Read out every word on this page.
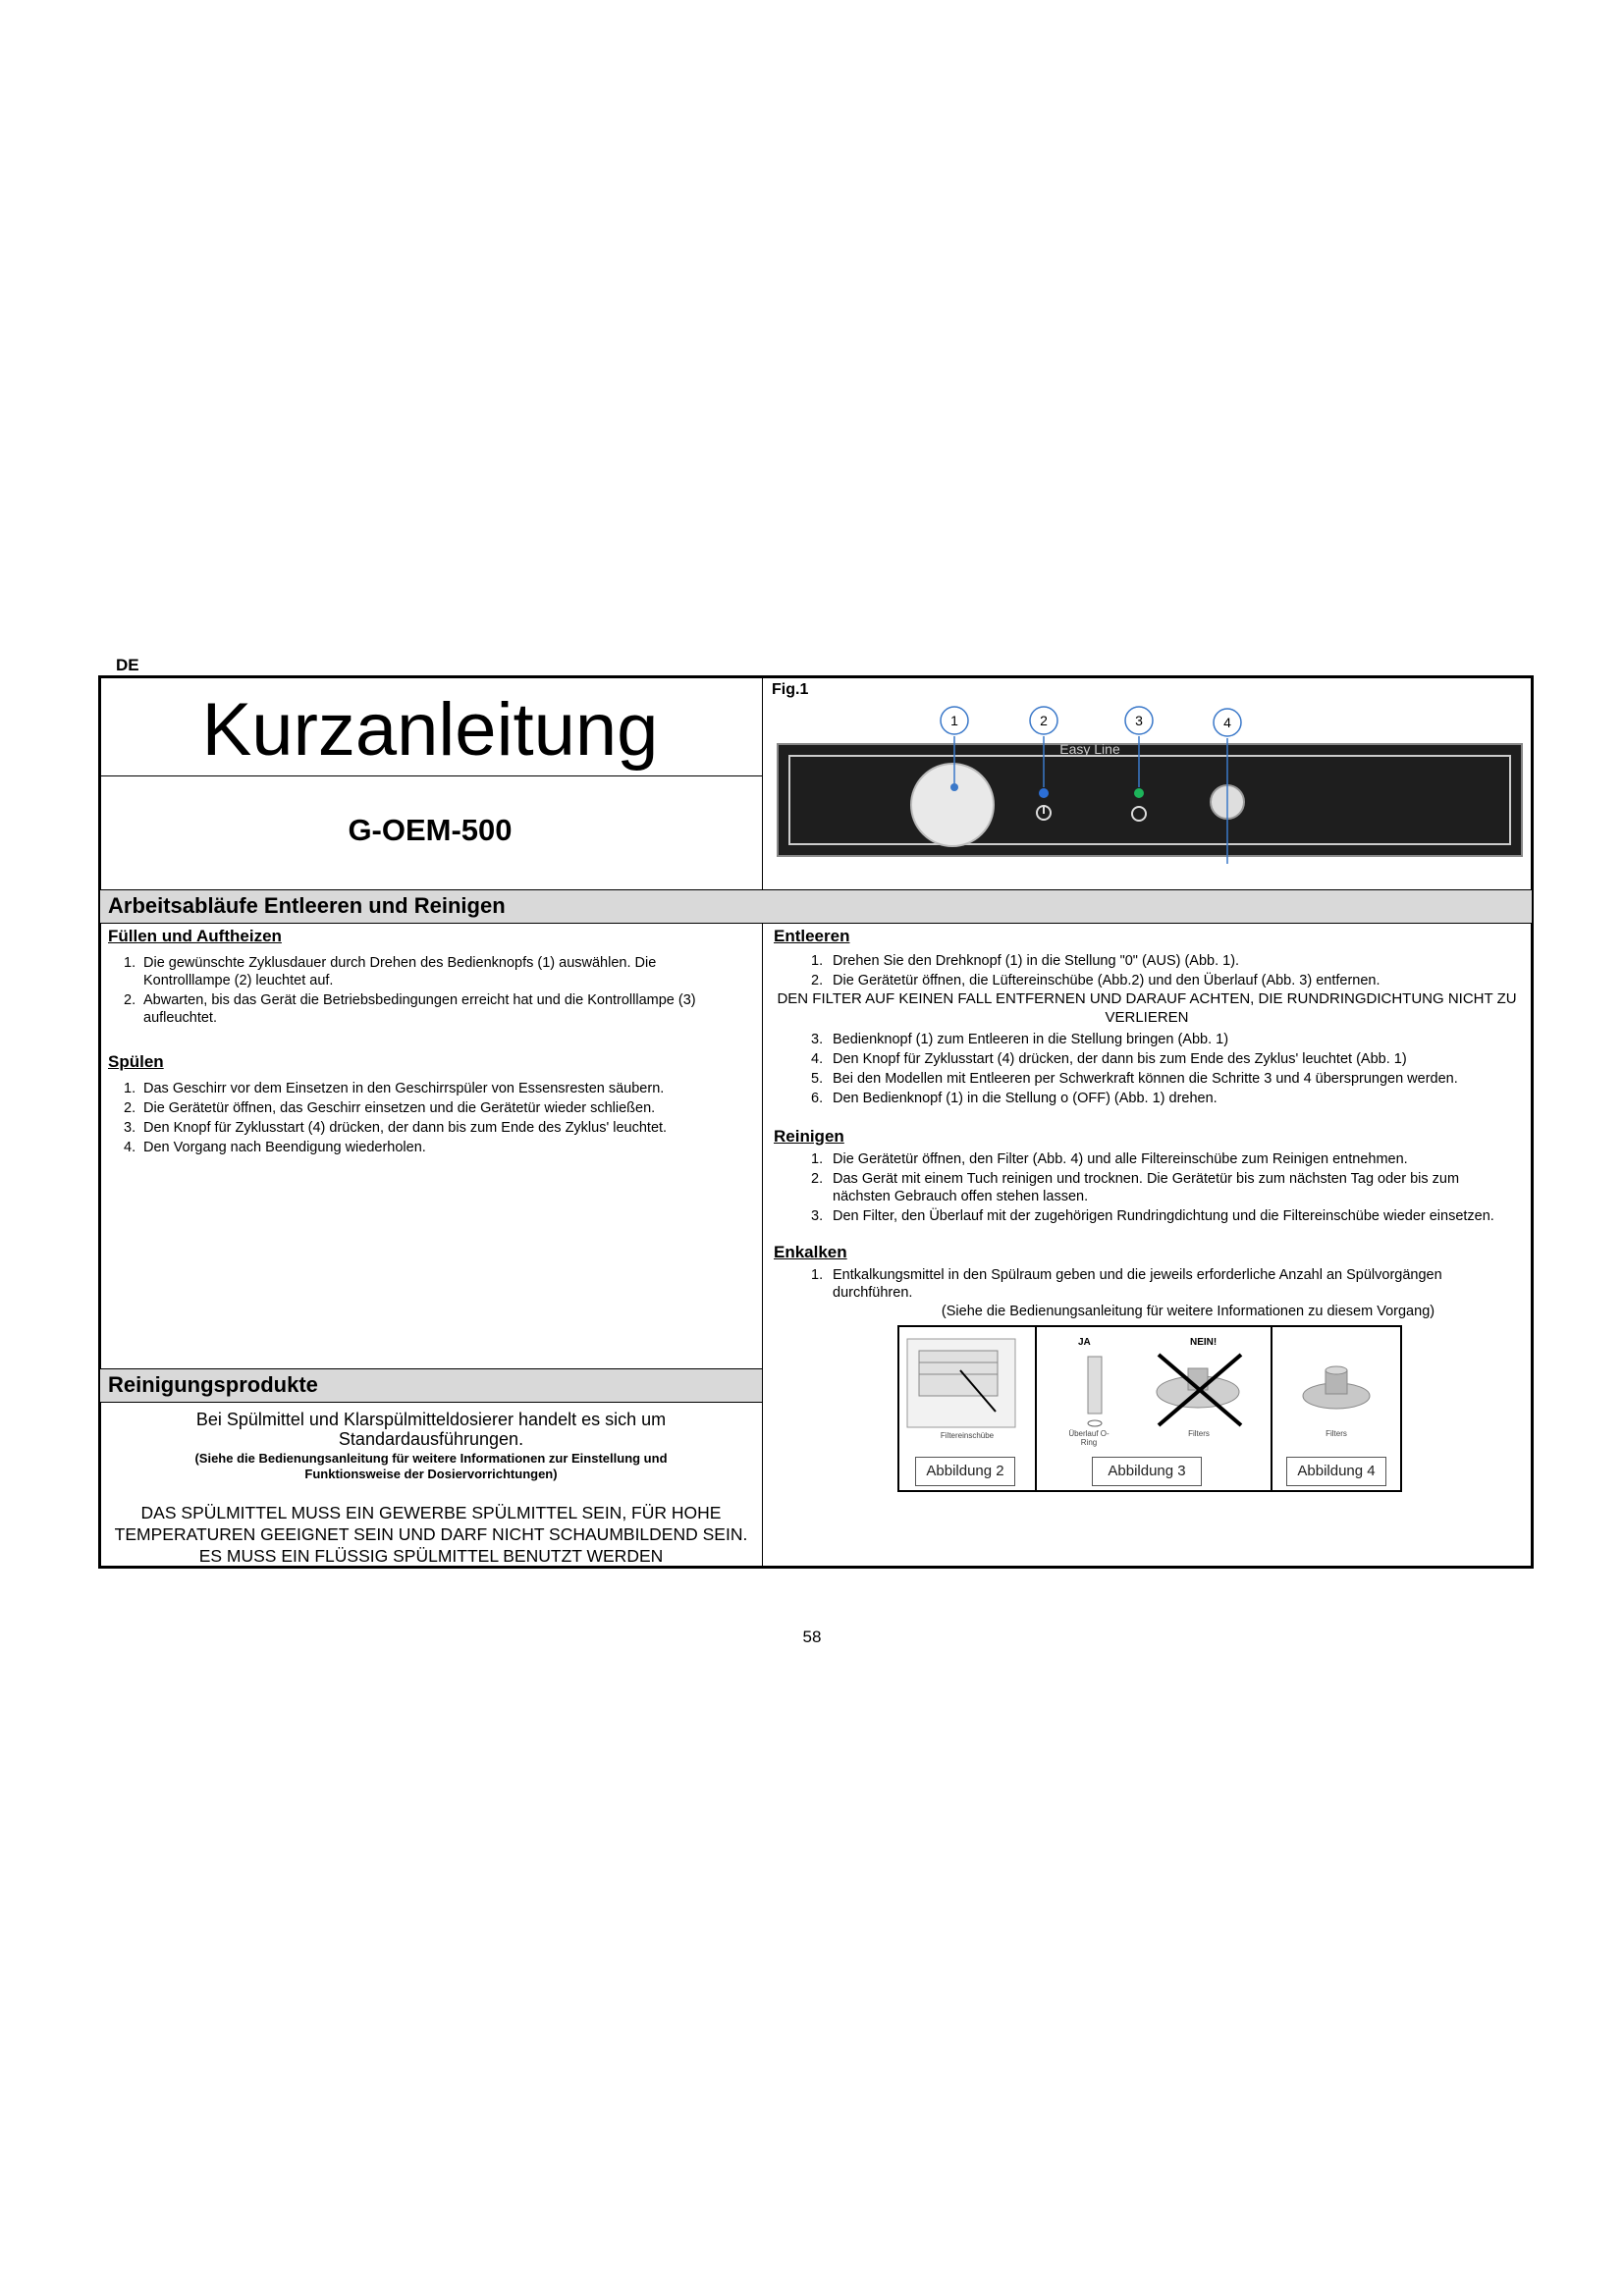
DE
Kurzanleitung
G-OEM-500
Fig.1
1	2	3	4
Easy Line
Arbeitsabläufe Entleeren und Reinigen
Füllen und Auftheizen
1. Die gewünschte Zyklusdauer durch Drehen des Bedienknopfs (1) auswählen. Die Kontrolllampe (2) leuchtet auf.
2. Abwarten, bis das Gerät die Betriebsbedingungen erreicht hat und die Kontrolllampe (3) aufleuchtet.
Spülen
1. Das Geschirr vor dem Einsetzen in den Geschirrspüler von Essensresten säubern.
2. Die Gerätetür öffnen, das Geschirr einsetzen und die Gerätetür wieder schließen.
3. Den Knopf für Zyklusstart (4) drücken, der dann bis zum Ende des Zyklus' leuchtet.
4. Den Vorgang nach Beendigung wiederholen.
Reinigungsprodukte
Bei Spülmittel und Klarspülmitteldosierer handelt es sich um
Standardausführungen.
(Siehe die Bedienungsanleitung für weitere Informationen zur Einstellung und Funktionsweise der Dosiervorrichtungen)
DAS SPÜLMITTEL MUSS EIN GEWERBE SPÜLMITTEL SEIN, FÜR HOHE TEMPERATUREN GEEIGNET SEIN UND DARF NICHT SCHAUMBILDEND SEIN. ES MUSS EIN FLÜSSIG SPÜLMITTEL BENUTZT WERDEN
Entleeren
1. Drehen Sie den Drehknopf (1) in die Stellung "0" (AUS) (Abb. 1).
2. Die Gerätetür öffnen, die Lüftereinschübe (Abb.2) und den Überlauf (Abb. 3) entfernen.
DEN FILTER AUF KEINEN FALL ENTFERNEN UND DARAUF ACHTEN, DIE RUNDRINGDICHTUNG NICHT ZU VERLIEREN
3. Bedienknopf (1) zum Entleeren in die Stellung bringen (Abb. 1)
4. Den Knopf für Zyklusstart (4) drücken, der dann bis zum Ende des Zyklus' leuchtet (Abb. 1)
5. Bei den Modellen mit Entleeren per Schwerkraft können die Schritte 3 und 4 übersprungen werden.
6. Den Bedienknopf (1) in die Stellung o (OFF) (Abb. 1) drehen.
Reinigen
1. Die Gerätetür öffnen, den Filter (Abb. 4) und alle Filtereinschübe zum Reinigen entnehmen.
2. Das Gerät mit einem Tuch reinigen und trocknen. Die Gerätetür bis zum nächsten Tag oder bis zum nächsten Gebrauch offen stehen lassen.
3. Den Filter, den Überlauf mit der zugehörigen Rundringdichtung und die Filtereinschübe wieder einsetzen.
Enkalken
1. Entkalkungsmittel in den Spülraum geben und die jeweils erforderliche Anzahl an Spülvorgängen durchführen.
(Siehe die Bedienungsanleitung für weitere Informationen zu diesem Vorgang)
Filtereinschübe
Abbildung 2
JA	NEIN!
Überlauf O-Ring
Filters
Abbildung 3
Filters
Abbildung 4
58
